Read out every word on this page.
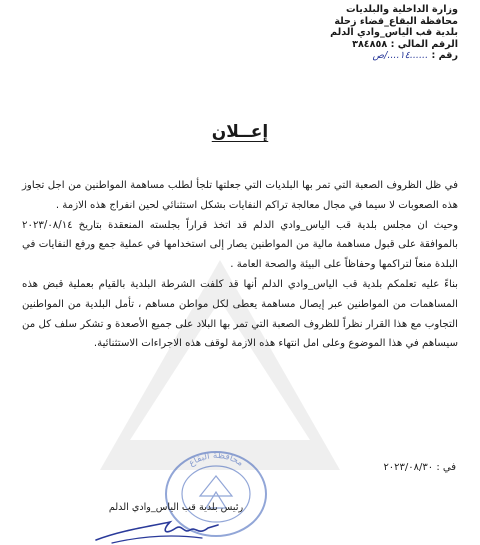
وزارة الداخلية والبلديات
محافظة البقاع_قضاء زحلة
بلدية قب الياس_وادي الدلم
الرقم المالي : ٣٨٤٨٥٨
رقم : ......١٤..../ص
إعــلان

في ظل الظروف الصعبة التي تمر بها البلديات التي جعلتها تلجأ لطلب مساهمة المواطنين من اجل تجاوز هذه الصعوبات لا سيما في مجال معالجة تراكم النفايات بشكل استثنائي لحين انفراج هذه الازمة .

وحيث ان مجلس بلدية قب الياس_وادي الدلم قد اتخذ قراراً بجلسته المنعقدة بتاريخ ٢٠٢٣/٠٨/١٤ بالموافقة على قبول مساهمة مالية من المواطنين يصار إلى استخدامها في عملية جمع ورفع النفايات في البلدة منعاً لتراكمها وحفاظاً على البيئة والصحة العامة .

بناءً عليه تعلمكم بلدية قب الياس_وادي الدلم أنها قد كلفت الشرطة البلدية بالقيام بعملية قبض هذه المساهمات من المواطنين عبر إيصال مساهمة يعطى لكل مواطن مساهم ، تأمل البلدية من المواطنين التجاوب مع هذا القرار نظراً للظروف الصعبة التي تمر بها البلاد على جميع الأصعدة و تشكر سلف كل من سيساهم في هذا الموضوع وعلى امل انتهاء هذه الازمة لوقف هذه الاجراءات الاستثنائية.

في : ٢٠٢٣/٠٨/٣٠
محافظة البقاع
رئيس بلدية قب الياس_وادي الدلم
